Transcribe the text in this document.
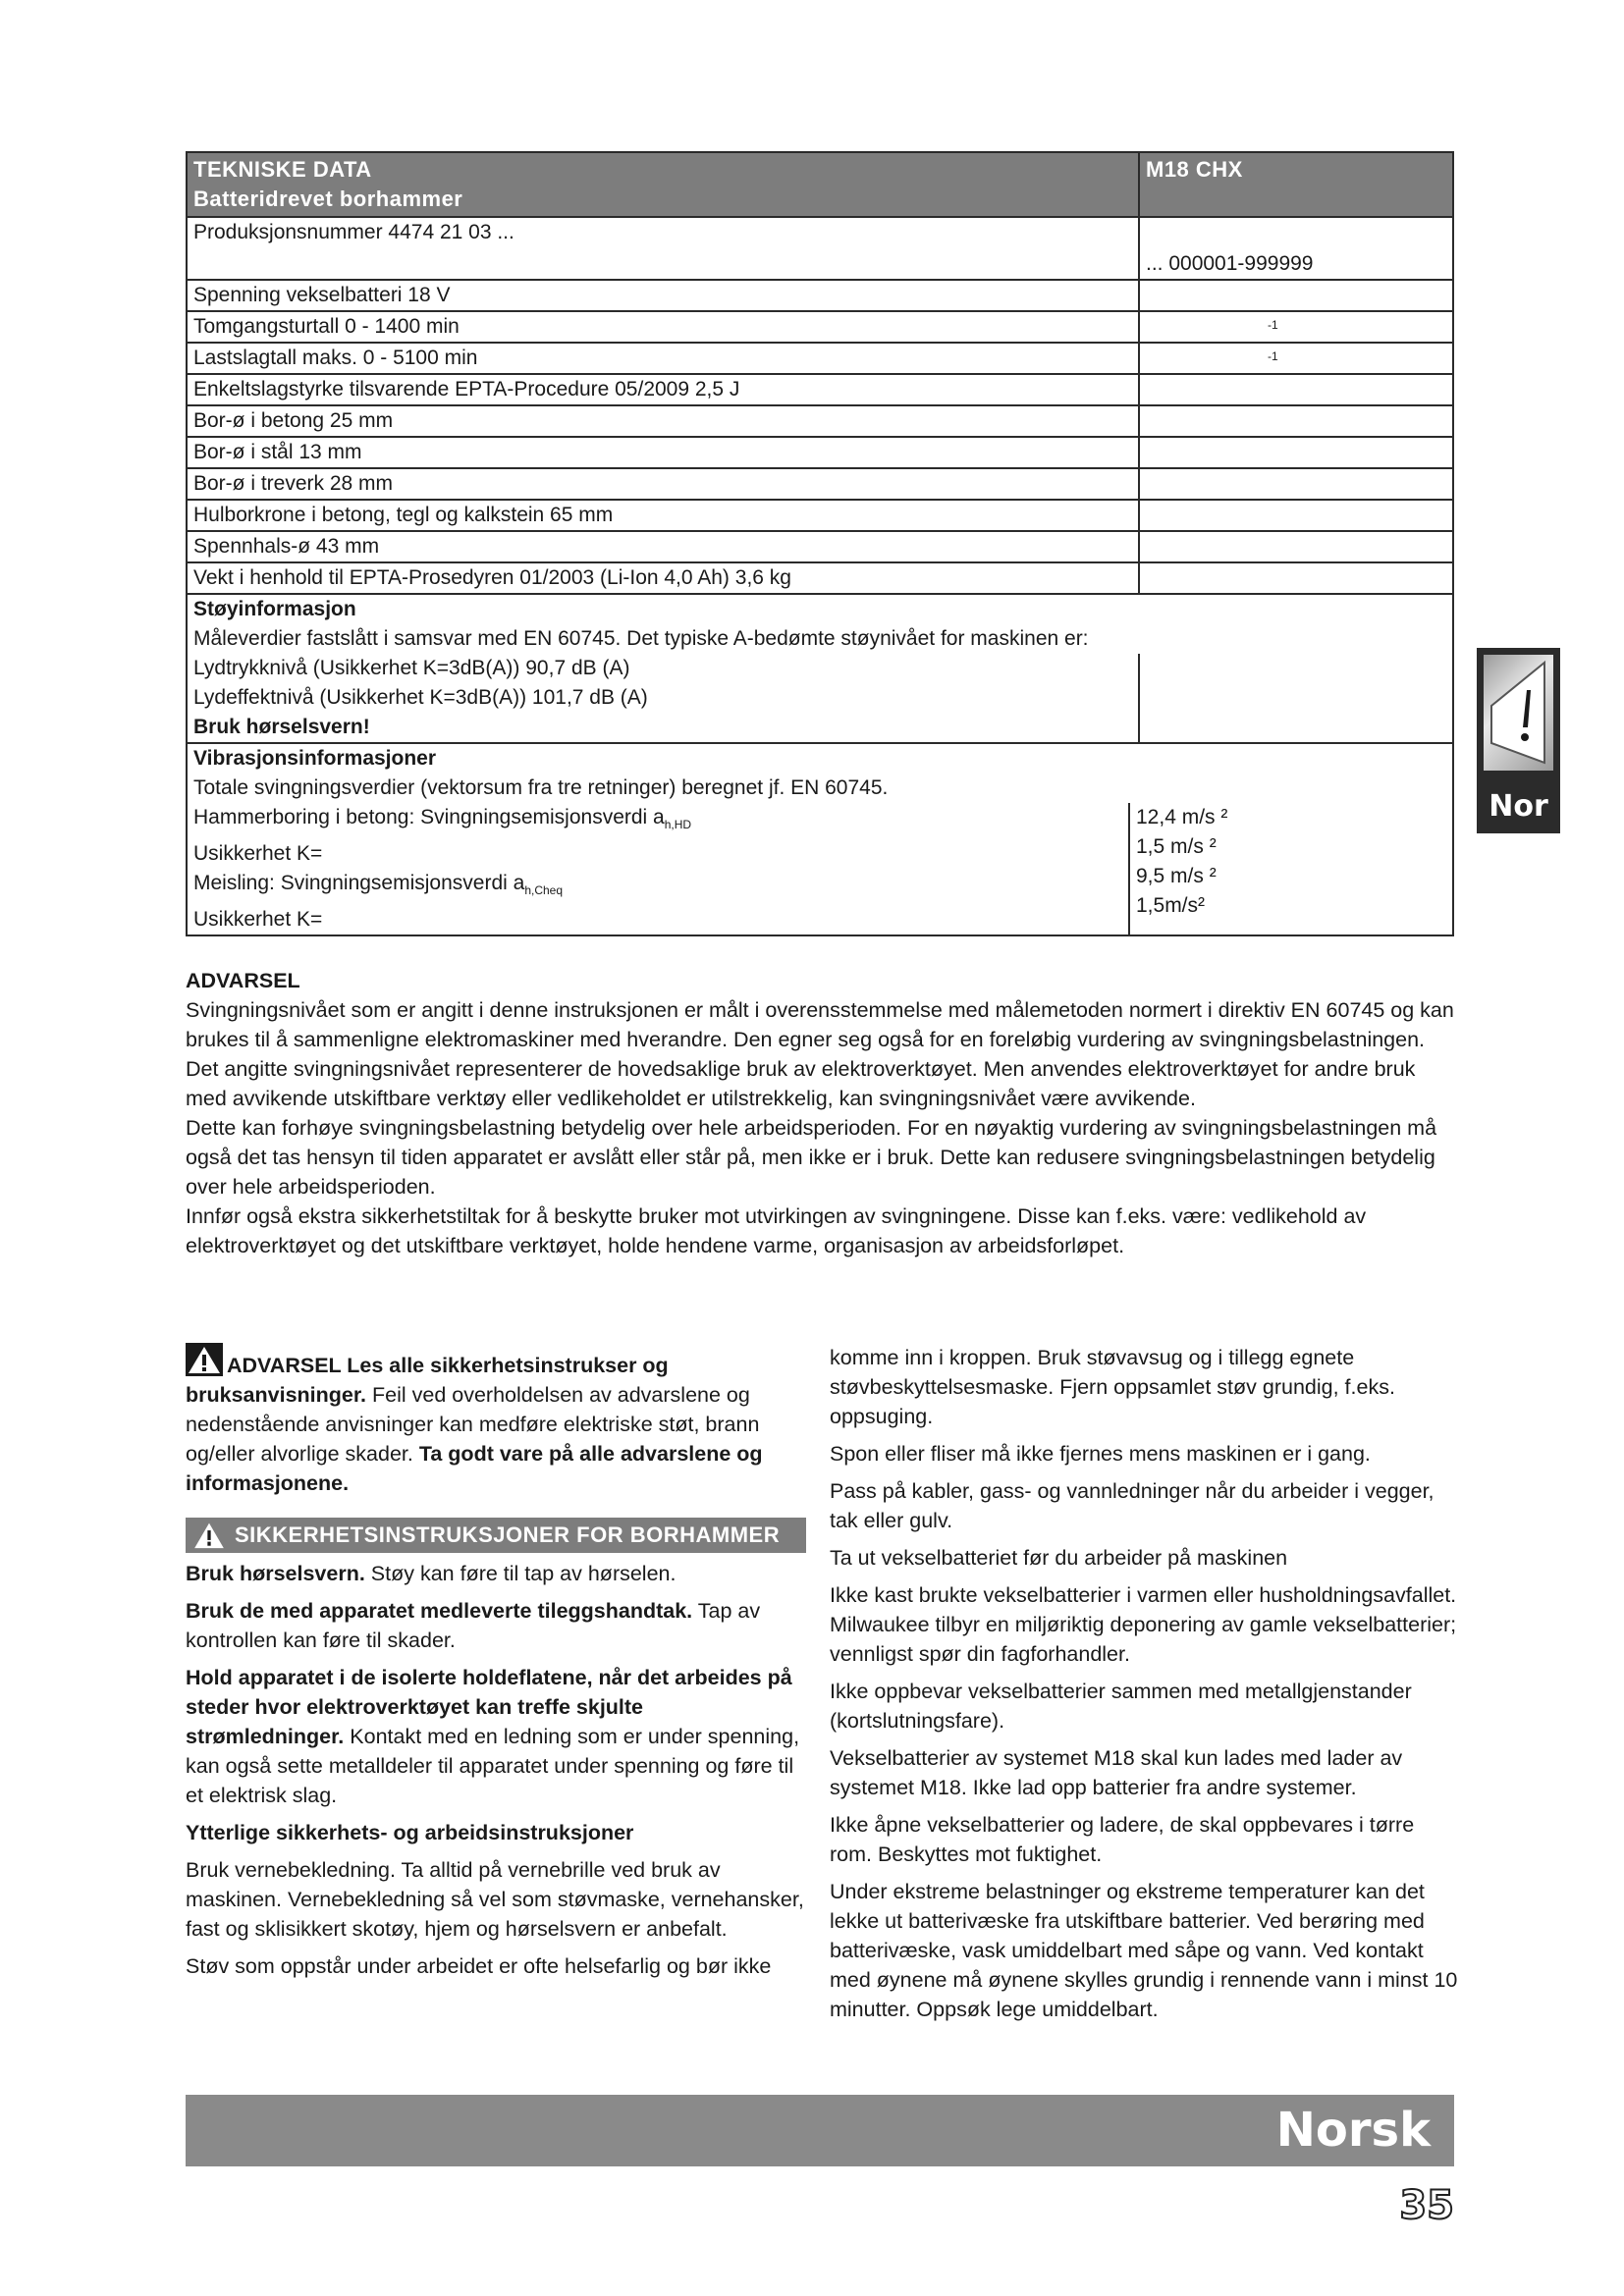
TEKNISKE DATA
Batteridrevet borhammer
M18 CHX
Produksjonsnummer 4474 21 03 ...
... 000001-999999
Spenning vekselbatteri 18 V
Tomgangsturtall 0 - 1400 min	-1
Lastslagtall maks. 0 - 5100 min	-1
Enkeltslagstyrke tilsvarende EPTA-Procedure 05/2009 2,5 J
Bor-ø i betong 25 mm
Bor-ø i stål 13 mm
Bor-ø i treverk 28 mm
Hulborkrone i betong, tegl og kalkstein 65 mm
Spennhals-ø 43 mm
Vekt i henhold til EPTA-Prosedyren 01/2003 (Li-Ion 4,0 Ah) 3,6 kg
Støyinformasjon
Måleverdier fastslått i samsvar med EN 60745. Det typiske A-bedømte støynivået for maskinen er:
Lydtrykknivå (Usikkerhet K=3dB(A)) 90,7 dB (A)
Lydeffektnivå (Usikkerhet K=3dB(A)) 101,7 dB (A)
Bruk hørselsvern!
Vibrasjonsinformasjoner
Totale svingningsverdier (vektorsum fra tre retninger) beregnet jf. EN 60745.
Hammerboring i betong: Svingningsemisjonsverdi $a_{h,HD}$
Usikkerhet K=
Meisling: Svingningsemisjonsverdi $a_{h,Cheq}$
Usikkerhet K=
12,4 m/s ²
1,5 m/s ²
9,5 m/s ²
1,5m/s²
ADVARSEL

Svingningsnivået som er angitt i denne instruksjonen er målt i overensstemmelse med målemetoden normert i direktiv EN 60745 og kan brukes til å sammenligne elektromaskiner med hverandre. Den egner seg også for en foreløbig vurdering av svingningsbelastningen.

Det angitte svingningsnivået representerer de hovedsaklige bruk av elektroverktøyet. Men anvendes elektroverktøyet for andre bruk med avvikende utskiftbare verktøy eller vedlikeholdet er utilstrekkelig, kan svingningsnivået være avvikende.

Dette kan forhøye svingningsbelastning betydelig over hele arbeidsperioden. For en nøyaktig vurdering av svingningsbelastningen må også det tas hensyn til tiden apparatet er avslått eller står på, men ikke er i bruk. Dette kan redusere svingningsbelastningen betydelig over hele arbeidsperioden.

Innfør også ekstra sikkerhetstiltak for å beskytte bruker mot utvirkingen av svingningene. Disse kan f.eks. være: vedlikehold av elektroverktøyet og det utskiftbare verktøyet, holde hendene varme, organisasjon av arbeidsforløpet.

ADVARSEL Les alle sikkerhetsinstrukser og bruksanvisninger. Feil ved overholdelsen av advarslene og nedenstående anvisninger kan medføre elektriske støt, brann og/eller alvorlige skader. Ta godt vare på alle advarslene og informasjonene.

SIKKERHETSINSTRUKSJONER FOR BORHAMMER

Bruk hørselsvern. Støy kan føre til tap av hørselen.

Bruk de med apparatet medleverte tileggshandtak. Tap av kontrollen kan føre til skader.

Hold apparatet i de isolerte holdeflatene, når det arbeides på steder hvor elektroverktøyet kan treffe skjulte strømledninger. Kontakt med en ledning som er under spenning, kan også sette metalldeler til apparatet under spenning og føre til et elektrisk slag.

Ytterlige sikkerhets- og arbeidsinstruksjoner

Bruk vernebekledning. Ta alltid på vernebrille ved bruk av maskinen. Vernebekledning så vel som støvmaske, vernehansker, fast og sklisikkert skotøy, hjem og hørselsvern er anbefalt.

Støv som oppstår under arbeidet er ofte helsefarlig og bør ikke

komme inn i kroppen. Bruk støvavsug og i tillegg egnete støvbeskyttelsesmaske. Fjern oppsamlet støv grundig, f.eks. oppsuging.

Spon eller fliser må ikke fjernes mens maskinen er i gang.

Pass på kabler, gass- og vannledninger når du arbeider i vegger, tak eller gulv.

Ta ut vekselbatteriet før du arbeider på maskinen

Ikke kast brukte vekselbatterier i varmen eller husholdningsavfallet. Milwaukee tilbyr en miljøriktig deponering av gamle vekselbatterier; vennligst spør din fagforhandler.

Ikke oppbevar vekselbatterier sammen med metallgjenstander (kortslutningsfare).

Vekselbatterier av systemet M18 skal kun lades med lader av systemet M18. Ikke lad opp batterier fra andre systemer.

Ikke åpne vekselbatterier og ladere, de skal oppbevares i tørre rom. Beskyttes mot fuktighet.

Under ekstreme belastninger og ekstreme temperaturer kan det lekke ut batterivæske fra utskiftbare batterier. Ved berøring med batterivæske, vask umiddelbart med såpe og vann. Ved kontakt med øynene må øynene skylles grundig i rennende vann i minst 10 minutter. Oppsøk lege umiddelbart.

Nor
Norsk
35
